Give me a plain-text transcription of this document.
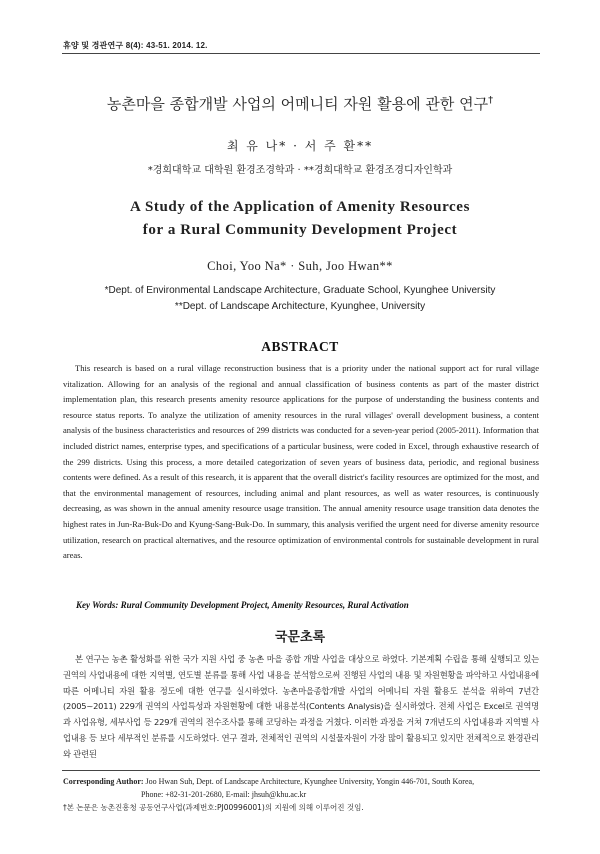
휴양 및 경관연구 8(4): 43-51. 2014. 12.
농촌마을 종합개발 사업의 어메니티 자원 활용에 관한 연구†
최 유 나* · 서 주 환**
*경희대학교 대학원 환경조경학과 · **경희대학교 환경조경디자인학과
A Study of the Application of Amenity Resources
for a Rural Community Development Project
Choi, Yoo Na* · Suh, Joo Hwan**
*Dept. of Environmental Landscape Architecture, Graduate School, Kyunghee University
**Dept. of Landscape Architecture, Kyunghee, University
ABSTRACT

This research is based on a rural village reconstruction business that is a priority under the national support act for rural village vitalization. Allowing for an analysis of the regional and annual classification of business contents as part of the master district implementation plan, this research presents amenity resource applications for the purpose of understanding the business contents and resource status reports. To analyze the utilization of amenity resources in the rural villages' overall development business, a content analysis of the business characteristics and resources of 299 districts was conducted for a seven-year period (2005-2011). Information that included district names, enterprise types, and specifications of a particular business, were coded in Excel, through exhaustive research of the 299 districts. Using this process, a more detailed categorization of seven years of business data, periodic, and regional business contents were defined. As a result of this research, it is apparent that the overall district's facility resources are optimized for the most, and that the environmental management of resources, including animal and plant resources, as well as water resources, is continuously decreasing, as was shown in the annual amenity resource usage transition. The annual amenity resource usage transition data denotes the highest rates in Jun-Ra-Buk-Do and Kyung-Sang-Buk-Do. In summary, this analysis verified the urgent need for diverse amenity resource utilization, research on practical alternatives, and the resource optimization of environmental controls for sustainable development in rural areas.

Key Words: Rural Community Development Project, Amenity Resources, Rural Activation
국문초록

본 연구는 농촌 활성화를 위한 국가 지원 사업 중 농촌 마을 종합 개발 사업을 대상으로 하였다. 기본계획 수립을 통해 실행되고 있는 권역의 사업내용에 대한 지역별, 연도별 분류를 통해 사업 내용을 분석함으로써 진행된 사업의 내용 및 자원현황을 파악하고 사업내용에 따른 어메니티 자원 활용 정도에 대한 연구를 실시하였다. 농촌마을종합개발 사업의 어메니티 자원 활용도 분석을 위하여 7년간(2005~2011) 229개 권역의 사업특성과 자원현황에 대한 내용분석(Contents Analysis)을 실시하였다. 전체 사업은 Excel로 권역명과 사업유형, 세부사업 등 229개 권역의 전수조사를 통해 코딩하는 과정을 거쳤다. 이러한 과정을 거쳐 7개년도의 사업내용과 지역별 사업내용 등 보다 세부적인 분류를 시도하였다. 연구 결과, 전체적인 권역의 시설물자원이 가장 많이 활용되고 있지만 전체적으로 환경관리와 관련된

Corresponding Author: Joo Hwan Suh, Dept. of Landscape Architecture, Kyunghee University, Yongin 446-701, South Korea,
Phone: +82-31-201-2680, E-mail: jhsuh@khu.ac.kr
†본 논문은 농촌진흥청 공동연구사업(과제번호:PJ00996001)의 지원에 의해 이루어진 것임.
